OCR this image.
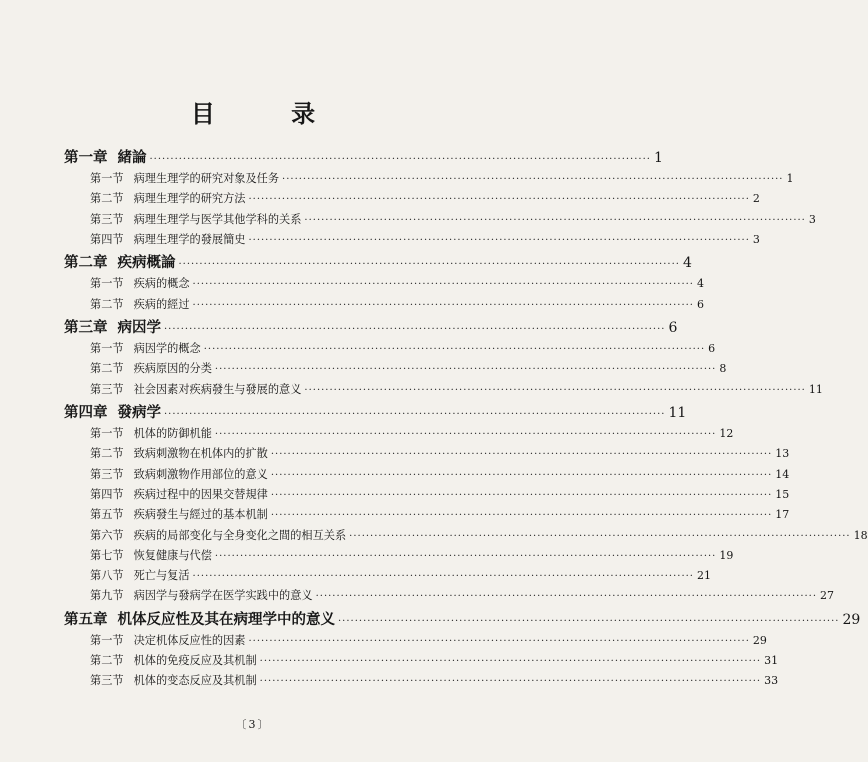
目 录
第一章 緒論 ························································································································ 1
第一节 病理生理学的研究对象及任务 ························································································································ 1
第二节 病理生理学的研究方法 ························································································································ 2
第三节 病理生理学与医学其他学科的关系 ························································································································ 3
第四节 病理生理学的發展簡史 ························································································································ 3
第二章 疾病概論 ························································································································ 4
第一节 疾病的概念 ························································································································ 4
第二节 疾病的經过 ························································································································ 6
第三章 病因学 ························································································································ 6
第一节 病因学的概念 ························································································································ 6
第二节 疾病原因的分类 ························································································································ 8
第三节 社会因素对疾病發生与發展的意义 ························································································································ 11
第四章 發病学 ························································································································ 11
第一节 机体的防御机能 ························································································································ 12
第二节 致病刺激物在机体内的扩散 ························································································································ 13
第三节 致病刺激物作用部位的意义 ························································································································ 14
第四节 疾病过程中的因果交替規律 ························································································································ 15
第五节 疾病發生与經过的基本机制 ························································································································ 17
第六节 疾病的局部变化与全身变化之間的相互关系 ························································································································ 18
第七节 恢复健康与代偿 ························································································································ 19
第八节 死亡与复活 ························································································································ 21
第九节 病因学与發病学在医学实践中的意义 ························································································································ 27
第五章 机体反应性及其在病理学中的意义 ························································································································ 29
第一节 决定机体反应性的因素 ························································································································ 29
第二节 机体的免疫反应及其机制 ························································································································ 31
第三节 机体的变态反应及其机制 ························································································································ 33
〔3〕
